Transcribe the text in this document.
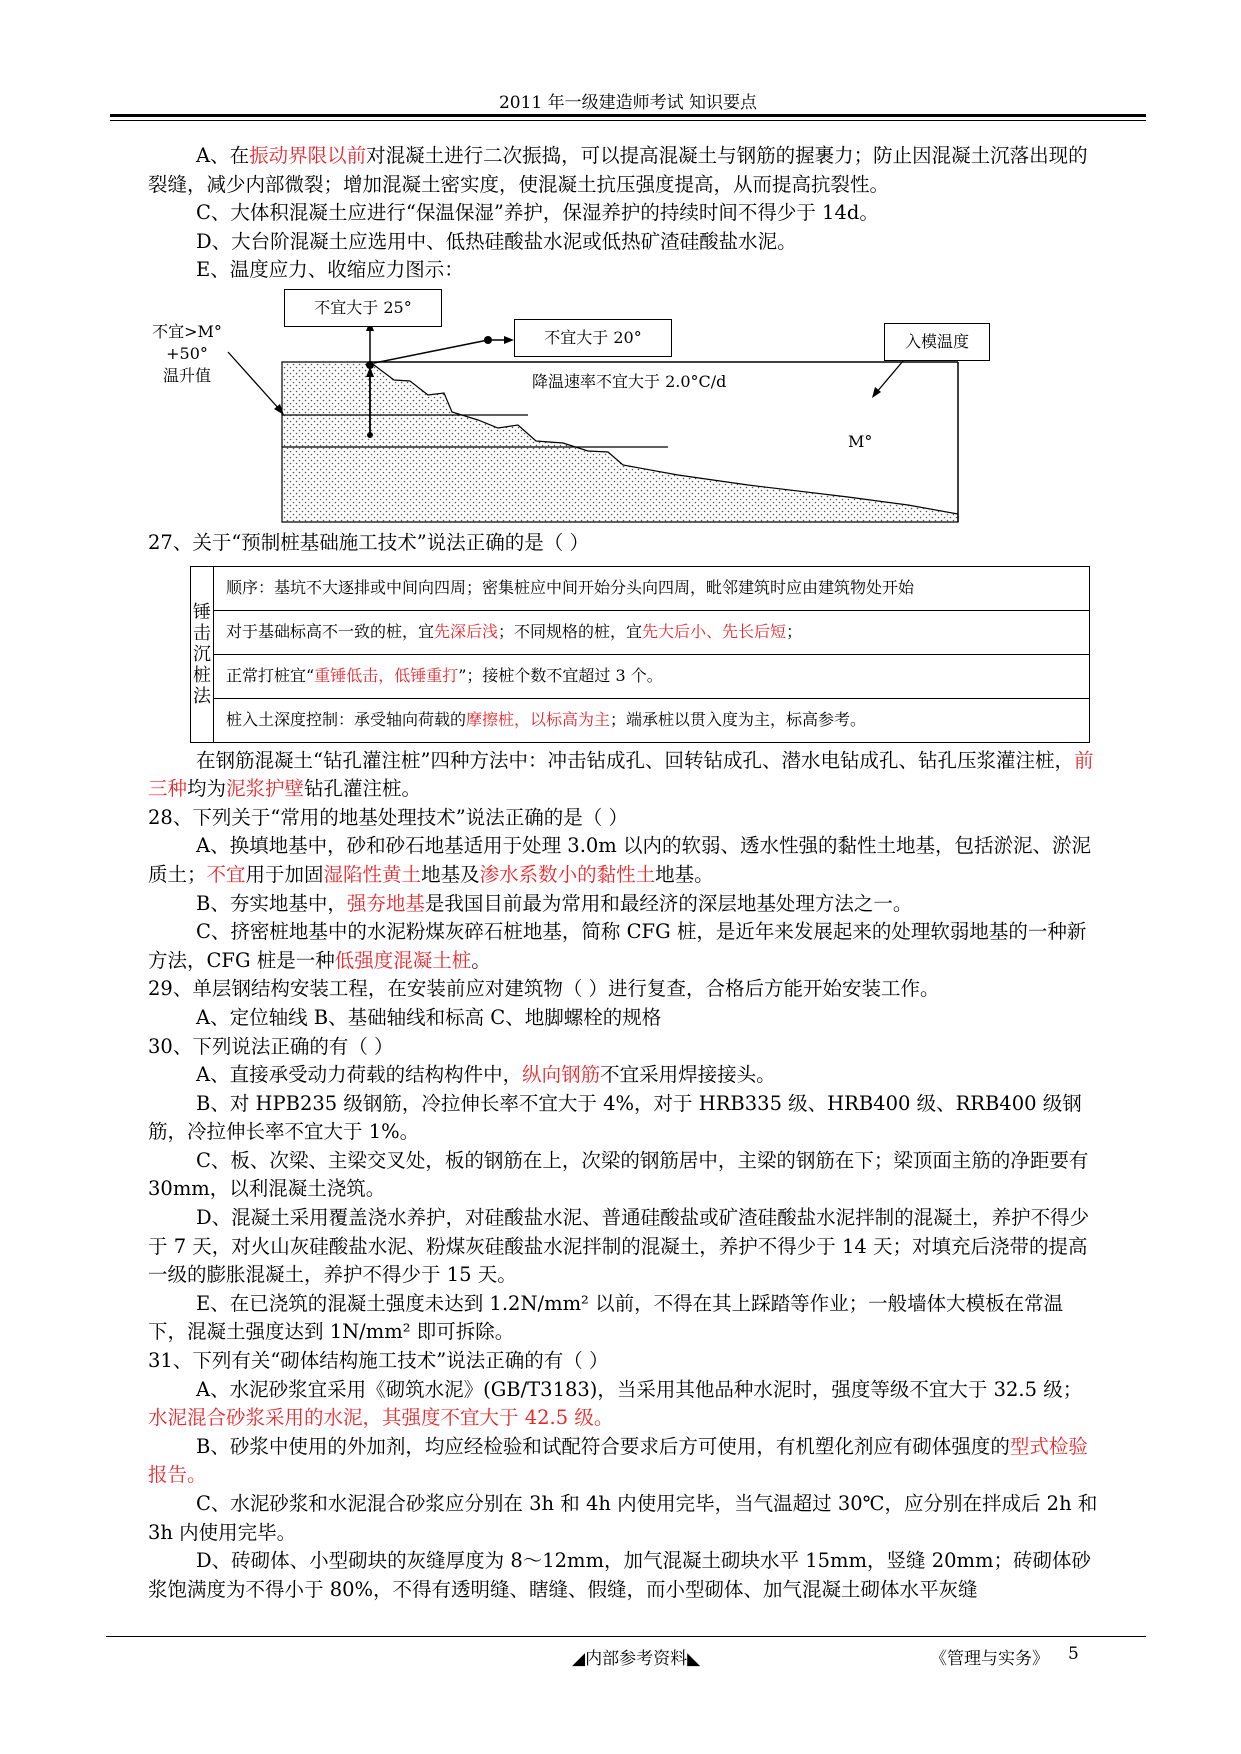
2011 年一级建造师考试 知识要点

A、在振动界限以前对混凝土进行二次振捣，可以提高混凝土与钢筋的握裹力；防止因混凝土沉落出现的裂缝，减少内部微裂；增加混凝土密实度，使混凝土抗压强度提高，从而提高抗裂性。

C、大体积混凝土应进行“保温保湿”养护，保湿养护的持续时间不得少于 14d。

D、大台阶混凝土应选用中、低热硅酸盐水泥或低热矿渣硅酸盐水泥。

E、温度应力、收缩应力图示：

不宜大于 25°
不宜大于 20°	入模温度
不宜>M°+50°
温升值	降温速率不宜大于 2.0°C/d
M°

27、关于“预制桩基础施工技术”说法正确的是（ ）

锤
击
沉
桩
法
	顺序：基坑不大逐排或中间向四周；密集桩应中间开始分头向四周，毗邻建筑时应由建筑物处开始
对于基础标高不一致的桩，宜先深后浅；不同规格的桩，宜先大后小、先长后短；
正常打桩宜“重锤低击，低锤重打”；接桩个数不宜超过 3 个。
桩入土深度控制：承受轴向荷载的摩擦桩，以标高为主；端承桩以贯入度为主，标高参考。

在钢筋混凝土“钻孔灌注桩”四种方法中：冲击钻成孔、回转钻成孔、潜水电钻成孔、钻孔压浆灌注桩，前三种均为泥浆护壁钻孔灌注桩。

28、下列关于“常用的地基处理技术”说法正确的是（ ）

A、换填地基中，砂和砂石地基适用于处理 3.0m 以内的软弱、透水性强的黏性土地基，包括淤泥、淤泥质土；不宜用于加固湿陷性黄土地基及渗水系数小的黏性土地基。

B、夯实地基中，强夯地基是我国目前最为常用和最经济的深层地基处理方法之一。

C、挤密桩地基中的水泥粉煤灰碎石桩地基，简称 CFG 桩，是近年来发展起来的处理软弱地基的一种新方法，CFG 桩是一种低强度混凝土桩。

29、单层钢结构安装工程，在安装前应对建筑物（ ）进行复查，合格后方能开始安装工作。

A、定位轴线 B、基础轴线和标高 C、地脚螺栓的规格

30、下列说法正确的有（ ）

A、直接承受动力荷载的结构构件中，纵向钢筋不宜采用焊接接头。

B、对 HPB235 级钢筋，冷拉伸长率不宜大于 4%，对于 HRB335 级、HRB400 级、RRB400 级钢筋，冷拉伸长率不宜大于 1%。

C、板、次梁、主梁交叉处，板的钢筋在上，次梁的钢筋居中，主梁的钢筋在下；梁顶面主筋的净距要有 30mm，以利混凝土浇筑。

D、混凝土采用覆盖浇水养护，对硅酸盐水泥、普通硅酸盐或矿渣硅酸盐水泥拌制的混凝土，养护不得少于 7 天，对火山灰硅酸盐水泥、粉煤灰硅酸盐水泥拌制的混凝土，养护不得少于 14 天；对填充后浇带的提高一级的膨胀混凝土，养护不得少于 15 天。

E、在已浇筑的混凝土强度未达到 1.2N/mm² 以前，不得在其上踩踏等作业；一般墙体大模板在常温下，混凝土强度达到 1N/mm² 即可拆除。

31、下列有关“砌体结构施工技术”说法正确的有（ ）

A、水泥砂浆宜采用《砌筑水泥》(GB/T3183)，当采用其他品种水泥时，强度等级不宜大于 32.5 级；水泥混合砂浆采用的水泥，其强度不宜大于 42.5 级。

B、砂浆中使用的外加剂，均应经检验和试配符合要求后方可使用，有机塑化剂应有砌体强度的型式检验报告。

C、水泥砂浆和水泥混合砂浆应分别在 3h 和 4h 内使用完毕，当气温超过 30℃，应分别在拌成后 2h 和 3h 内使用完毕。

D、砖砌体、小型砌块的灰缝厚度为 8～12mm，加气混凝土砌块水平 15mm，竖缝 20mm；砖砌体砂浆饱满度为不得小于 80%，不得有透明缝、瞎缝、假缝，而小型砌体、加气混凝土砌体水平灰缝

◢内部参考资料◣	《管理与实务》 5
